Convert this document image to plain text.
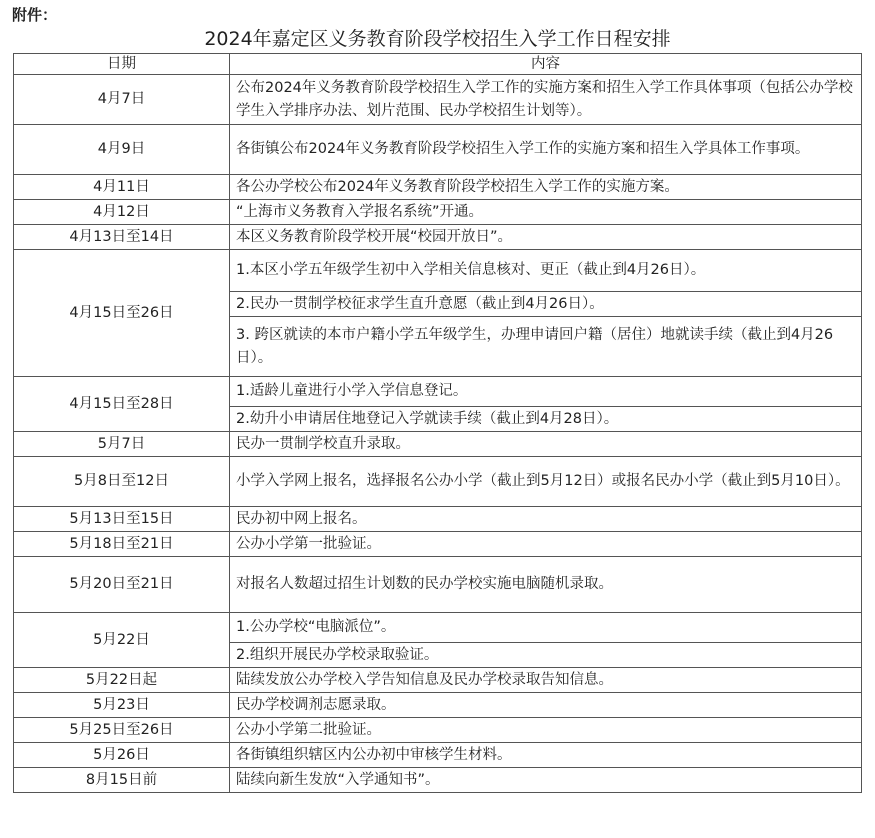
附件：
2024年嘉定区义务教育阶段学校招生入学工作日程安排
日期	内容
4月7日	公布2024年义务教育阶段学校招生入学工作的实施方案和招生入学工作具体事项（包括公办学校学生入学排序办法、划片范围、民办学校招生计划等）。
4月9日	各街镇公布2024年义务教育阶段学校招生入学工作的实施方案和招生入学具体工作事项。
4月11日	各公办学校公布2024年义务教育阶段学校招生入学工作的实施方案。
4月12日	“上海市义务教育入学报名系统”开通。
4月13日至14日	本区义务教育阶段学校开展“校园开放日”。
4月15日至26日	1.本区小学五年级学生初中入学相关信息核对、更正（截止到4月26日）。
	2.民办一贯制学校征求学生直升意愿（截止到4月26日）。
	3. 跨区就读的本市户籍小学五年级学生，办理申请回户籍（居住）地就读手续（截止到4月26日）。
4月15日至28日	1.适龄儿童进行小学入学信息登记。
	2.幼升小申请居住地登记入学就读手续（截止到4月28日）。
5月7日	民办一贯制学校直升录取。
5月8日至12日	小学入学网上报名，选择报名公办小学（截止到5月12日）或报名民办小学（截止到5月10日）。
5月13日至15日	民办初中网上报名。
5月18日至21日	公办小学第一批验证。
5月20日至21日	对报名人数超过招生计划数的民办学校实施电脑随机录取。
5月22日	1.公办学校“电脑派位”。
	2.组织开展民办学校录取验证。
5月22日起	陆续发放公办学校入学告知信息及民办学校录取告知信息。
5月23日	民办学校调剂志愿录取。
5月25日至26日	公办小学第二批验证。
5月26日	各街镇组织辖区内公办初中审核学生材料。
8月15日前	陆续向新生发放“入学通知书”。
